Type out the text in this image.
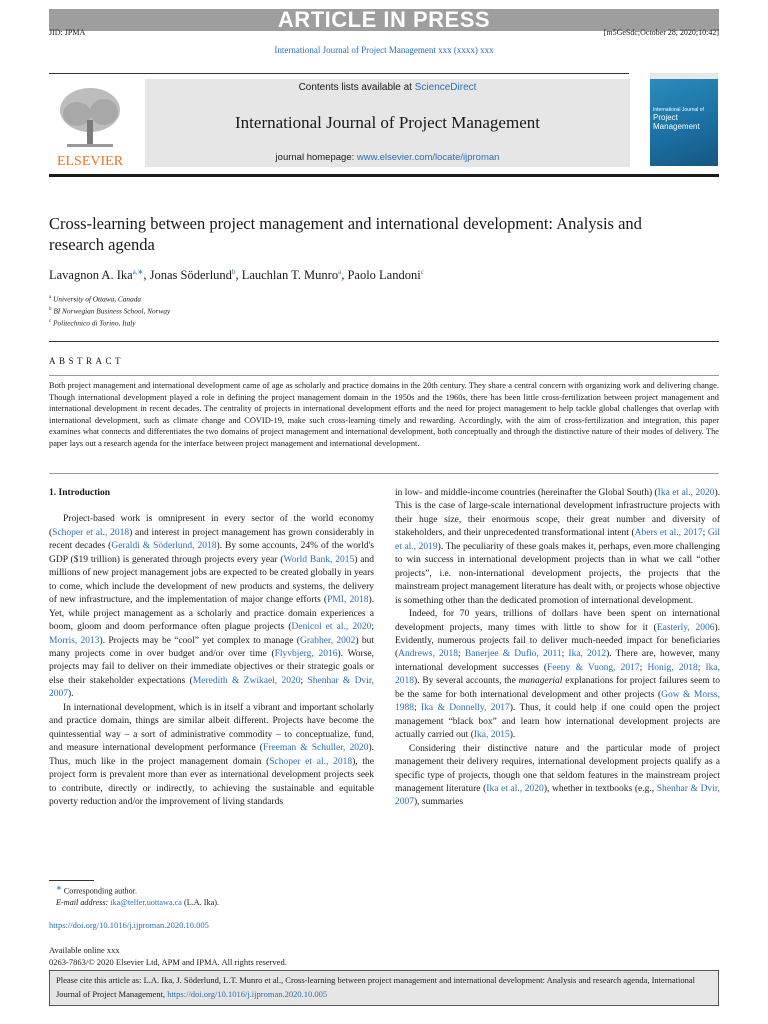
ARTICLE IN PRESS
JID: JPMA	[m5GeSdc;October 28, 2020;10:42]
International Journal of Project Management xxx (xxxx) xxx
ELSEVIER
Contents lists available at ScienceDirect
International Journal of Project Management
journal homepage: www.elsevier.com/locate/ijproman
International Journal of
Project
Management
Cross-learning between project management and international development: Analysis and research agenda
Lavagnon A. Ika$^{a,∗}$, Jonas Söderlund$^b$, Lauchlan T. Munro$^a$, Paolo Landoni$^c$
$^a$ University of Ottawa, Canada
$^b$ BI Norwegian Business School, Norway
$^c$ Politechnico di Torino, Italy
ABSTRACT
Both project management and international development came of age as scholarly and practice domains in the 20th century. They share a central concern with organizing work and delivering change. Though international development played a role in defining the project management domain in the 1950s and the 1960s, there has been little cross-fertilization between project management and international development in recent decades. The centrality of projects in international development efforts and the need for project management to help tackle global challenges that overlap with international development, such as climate change and COVID-19, make such cross-learning timely and rewarding. Accordingly, with the aim of cross-fertilization and integration, this paper examines what connects and differentiates the two domains of project management and international development, both conceptually and through the distinctive nature of their modes of delivery. The paper lays out a research agenda for the interface between project management and international development.
1. Introduction

Project-based work is omnipresent in every sector of the world economy (Schoper et al., 2018) and interest in project management has grown considerably in recent decades (Geraldi & Söderlund, 2018). By some accounts, 24% of the world's GDP ($19 trillion) is generated through projects every year (World Bank, 2015) and millions of new project management jobs are expected to be created globally in years to come, which include the development of new products and systems, the delivery of new infrastructure, and the implementation of major change efforts (PMI, 2018). Yet, while project management as a scholarly and practice domain experiences a boom, gloom and doom performance often plague projects (Denicol et al., 2020; Morris, 2013). Projects may be “cool” yet complex to manage (Grabher, 2002) but many projects come in over budget and/or over time (Flyvbjerg, 2016). Worse, projects may fail to deliver on their immediate objectives or their strategic goals or else their stakeholder expectations (Meredith & Zwikael, 2020; Shenhar & Dvir, 2007).

In international development, which is in itself a vibrant and important scholarly and practice domain, things are similar albeit different. Projects have become the quintessential way – a sort of administrative commodity – to conceptualize, fund, and measure international development performance (Freeman & Schuller, 2020). Thus, much like in the project management domain (Schoper et al., 2018), the project form is prevalent more than ever as international development projects seek to contribute, directly or indirectly, to achieving the sustainable and equitable poverty reduction and/or the improvement of living standards

in low- and middle-income countries (hereinafter the Global South) (Ika et al., 2020). This is the case of large-scale international development infrastructure projects with their huge size, their enormous scope, their great number and diversity of stakeholders, and their unprecedented transformational intent (Abers et al., 2017; Gil et al., 2019). The peculiarity of these goals makes it, perhaps, even more challenging to win success in international development projects than in what we call “other projects”, i.e. non-international development projects, the projects that the mainstream project management literature has dealt with, or projects whose objective is something other than the dedicated promotion of international development.

Indeed, for 70 years, trillions of dollars have been spent on international development projects, many times with little to show for it (Easterly, 2006). Evidently, numerous projects fail to deliver much-needed impact for beneficiaries (Andrews, 2018; Banerjee & Duflo, 2011; Ika, 2012). There are, however, many international development successes (Feeny & Vuong, 2017; Honig, 2018; Ika, 2018). By several accounts, the managerial explanations for project failures seem to be the same for both international development and other projects (Gow & Morss, 1988; Ika & Donnelly, 2017). Thus, it could help if one could open the project management “black box” and learn how international development projects are actually carried out (Ika, 2015).

Considering their distinctive nature and the particular mode of project management their delivery requires, international development projects qualify as a specific type of projects, though one that seldom features in the mainstream project management literature (Ika et al., 2020), whether in textbooks (e.g., Shenhar & Dvir, 2007), summaries

∗ Corresponding author.
E-mail address: ika@telfer.uottawa.ca (L.A. Ika).
https://doi.org/10.1016/j.ijproman.2020.10.005
Available online xxx
0263-7863/© 2020 Elsevier Ltd, APM and IPMA. All rights reserved.
Please cite this article as: L.A. Ika, J. Söderlund, L.T. Munro et al., Cross-learning between project management and international development: Analysis and research agenda, International Journal of Project Management, https://doi.org/10.1016/j.ijproman.2020.10.005
